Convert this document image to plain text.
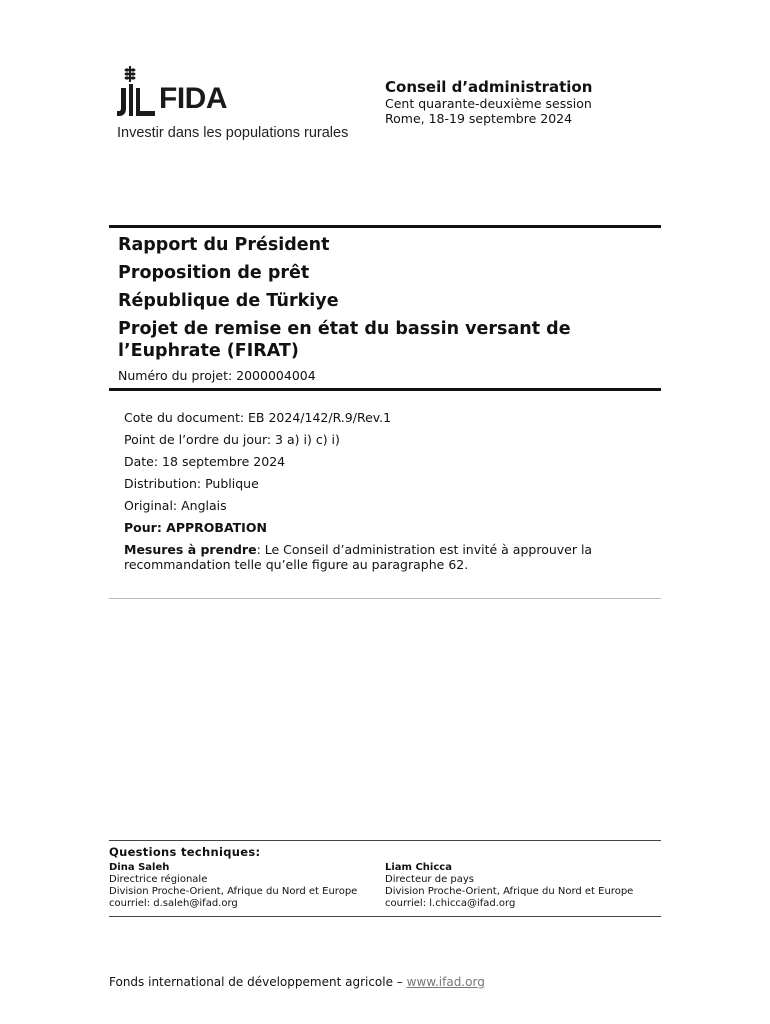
FIDA
Investir dans les populations rurales
Conseil d’administration
Cent quarante-deuxième session
Rome, 18-19 septembre 2024
Rapport du Président
Proposition de prêt
République de Türkiye
Projet de remise en état du bassin versant de l’Euphrate (FIRAT)
Numéro du projet: 2000004004
Cote du document: EB 2024/142/R.9/Rev.1
Point de l’ordre du jour: 3 a) i) c) i)
Date: 18 septembre 2024
Distribution: Publique
Original: Anglais
Pour: APPROBATION
Mesures à prendre: Le Conseil d’administration est invité à approuver la recommandation telle qu’elle figure au paragraphe 62.
Questions techniques:
Dina Saleh
Directrice régionale
Division Proche-Orient, Afrique du Nord et Europe
courriel: d.saleh@ifad.org
Liam Chicca
Directeur de pays
Division Proche-Orient, Afrique du Nord et Europe
courriel: l.chicca@ifad.org
Fonds international de développement agricole – www.ifad.org
